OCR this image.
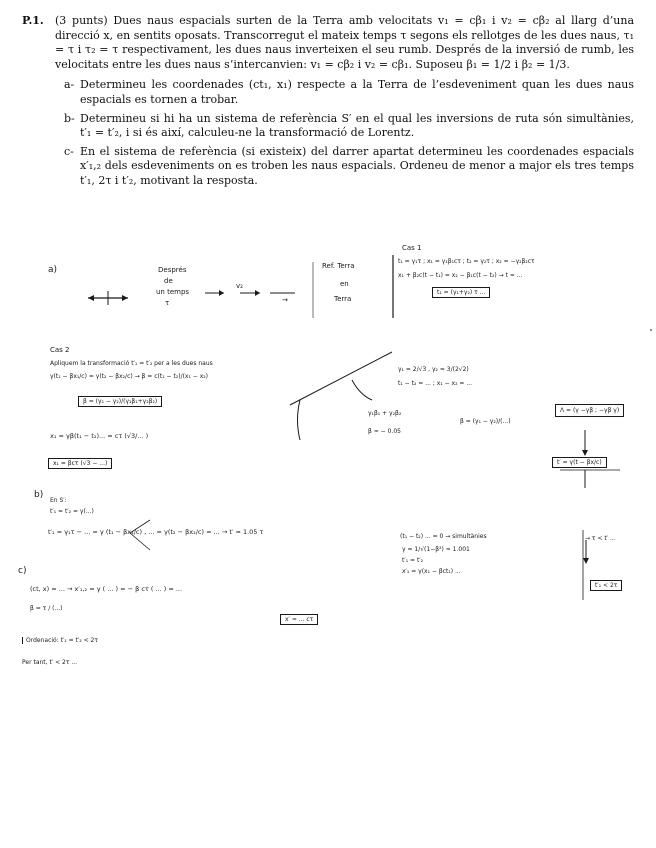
P.1. (3 punts) Dues naus espacials surten de la Terra amb velocitats v₁ = cβ₁ i v₂ = cβ₂ al llarg d’una direcció x, en sentits oposats. Transcorregut el mateix temps τ segons els rellotges de les dues naus, τ₁ = τ i τ₂ = τ respectivament, les dues naus inverteixen el seu rumb. Després de la inversió de rumb, les velocitats entre les dues naus s’intercanvien: v₁ = cβ₂ i v₂ = cβ₁. Suposeu β₁ = 1/2 i β₂ = 1/3.
a- Determineu les coordenades (ct₁, x₁) respecte a la Terra de l’esdeveniment quan les dues naus espacials es tornen a trobar.
b- Determineu si hi ha un sistema de referència S′ en el qual les inversions de ruta són simultànies, t′₁ = t′₂, i si és així, calculeu-ne la transformació de Lorentz.
c- En el sistema de referència (si existeix) del darrer apartat determineu les coordenades espacials x′₁,₂ dels esdeveniments on es troben les naus espacials. Ordeneu de menor a major els tres temps t′₁, 2τ i t′₂, motivant la resposta.
a)	Després
de
un temps
τ
v₂
→
Ref. Terra
en
Terra
Cas 1
t₁ = γ₁τ ; x₁ = γ₁β₁cτ ; t₂ = γ₂τ ; x₂ = −γ₂β₂cτ
x₁ + β₂c(t − t₁) = x₂ − β₁c(t − t₂) → t = ...
t₁ = (γ₁+γ₂) τ ...
Cas 2
Apliquem la transformació t′₁ = t′₂ per a les dues naus
γ(t₁ − βx₁/c) = γ(t₂ − βx₂/c) → β = c(t₁ − t₂)/(x₁ − x₂)
β = (γ₁ − γ₂)/(γ₁β₁+γ₂β₂)
x₁ = γβ(t₁ − t₂)... = cτ (√3/... )
x₁ = βcτ (√3 − ...)
γ₁ = 2/√3 , γ₂ = 3/(2√2)
t₁ − t₂ = ... ; x₁ − x₂ = ...
γ₁β₁ + γ₂β₂
β = (γ₁ − γ₂)/(...)
β ≈ − 0.05
Λ = (γ −γβ ; −γβ γ)
t′ = γ(t − βx/c)
b)
En S′:
t′₁ = t′₂ = γ(...)
t′₁ = γ₁τ − ... = γ (t₁ − βx₁/c) , ... = γ(t₂ − βx₂/c) = ... → t′ ≈ 1.05 τ
(t₁ − t₂) ... = 0 → simultànies
γ = 1/√(1−β²) ≈ 1.001
t′₁ = t′₂
x′₁ = γ(x₁ − βct₁) ...
→ τ < t′ ...
c)
(ct, x) = ... → x′₁,₂ = γ ( ... ) = − β cτ ( ... ) ≈ ...
β = τ / (...)
x′ ≈ ... cτ
t′₁ < 2τ
Ordenació: t′₁ = t′₂ < 2τ
Per tant, t′ < 2τ ...
